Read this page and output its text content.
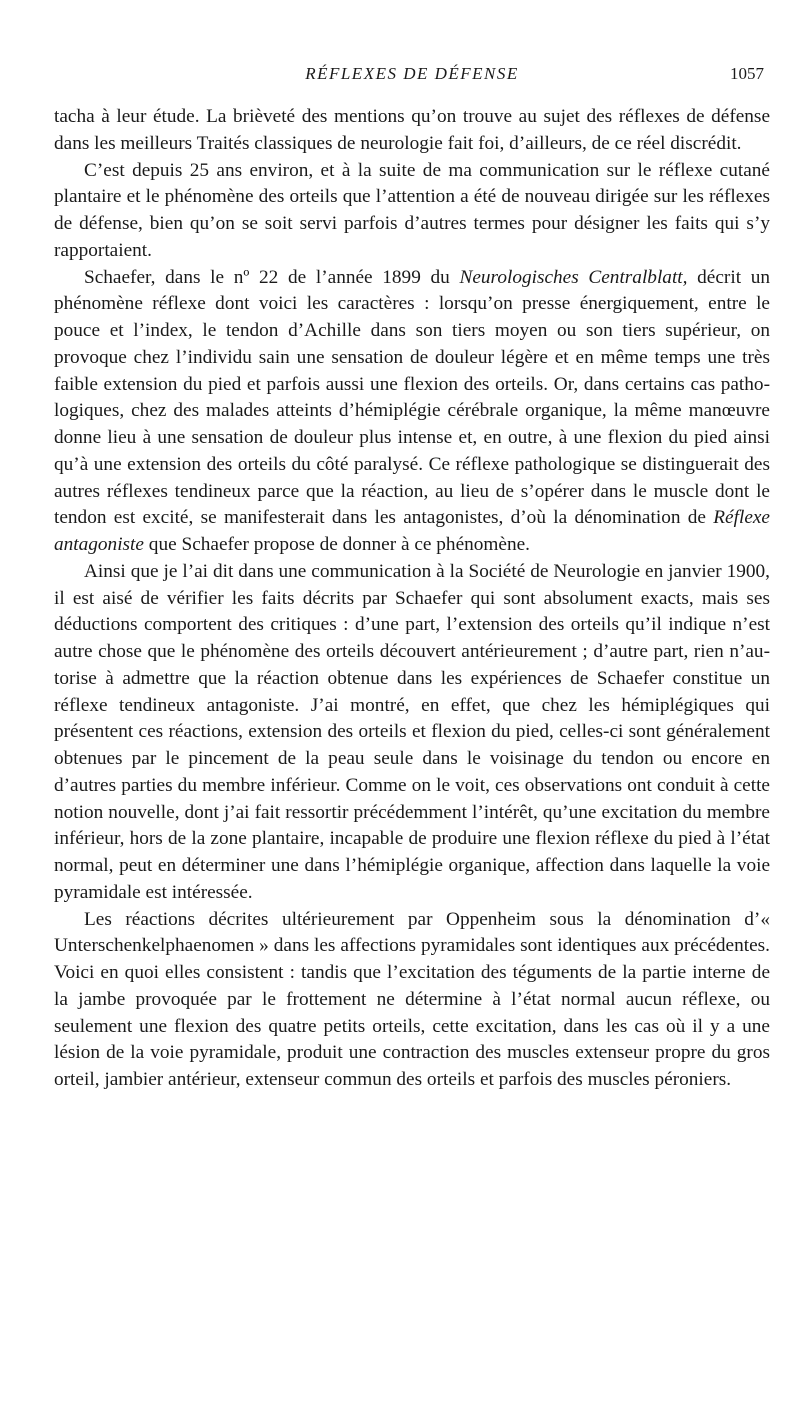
RÉFLEXES DE DÉFENSE	1057

tacha à leur étude. La brièveté des mentions qu’on trouve au sujet des réflexes de défense dans les meilleurs Traités classiques de neurologie fait foi, d’ailleurs, de ce réel discrédit.

C’est depuis 25 ans environ, et à la suite de ma communication sur le réflexe cutané plantaire et le phénomène des orteils que l’attention a été de nouveau dirigée sur les réflexes de défense, bien qu’on se soit servi parfois d’autres termes pour désigner les faits qui s’y rapportaient.

Schaefer, dans le nº 22 de l’année 1899 du Neurologisches Centralblatt, décrit un phénomène réflexe dont voici les caractères : lorsqu’on presse énergiquement, entre le pouce et l’index, le tendon d’Achille dans son tiers moyen ou son tiers supérieur, on provoque chez l’individu sain une sensation de douleur légère et en même temps une très faible extension du pied et parfois aussi une flexion des orteils. Or, dans certains cas pathologiques, chez des malades atteints d’hémiplégie cérébrale organique, la même manœuvre donne lieu à une sensation de douleur plus intense et, en outre, à une flexion du pied ainsi qu’à une extension des orteils du côté paralysé. Ce réflexe pathologique se distinguerait des autres réflexes tendineux parce que la réaction, au lieu de s’opérer dans le muscle dont le tendon est excité, se manifesterait dans les antagonistes, d’où la dénomination de Réflexe antagoniste que Schaefer propose de donner à ce phénomène.

Ainsi que je l’ai dit dans une communication à la Société de Neurologie en janvier 1900, il est aisé de vérifier les faits décrits par Schaefer qui sont absolument exacts, mais ses déductions comportent des critiques : d’une part, l’extension des orteils qu’il indique n’est autre chose que le phénomène des orteils découvert antérieurement ; d’autre part, rien n’autorise à admettre que la réaction obtenue dans les expériences de Schaefer constitue un réflexe tendineux antagoniste. J’ai montré, en effet, que chez les hémiplégiques qui présentent ces réactions, extension des orteils et flexion du pied, celles-ci sont généralement obtenues par le pincement de la peau seule dans le voisinage du tendon ou encore en d’autres parties du membre inférieur. Comme on le voit, ces observations ont conduit à cette notion nouvelle, dont j’ai fait ressortir précédemment l’intérêt, qu’une excitation du membre inférieur, hors de la zone plantaire, incapable de produire une flexion réflexe du pied à l’état normal, peut en déterminer une dans l’hémiplégie organique, affection dans laquelle la voie pyramidale est intéressée.

Les réactions décrites ultérieurement par Oppenheim sous la dénomination d’« Unterschenkelphaenomen » dans les affections pyramidales sont identiques aux précédentes. Voici en quoi elles consistent : tandis que l’excitation des téguments de la partie interne de la jambe provoquée par le frottement ne détermine à l’état normal aucun réflexe, ou seulement une flexion des quatre petits orteils, cette excitation, dans les cas où il y a une lésion de la voie pyramidale, produit une contraction des muscles extenseur propre du gros orteil, jambier antérieur, extenseur commun des orteils et parfois des muscles péroniers.
